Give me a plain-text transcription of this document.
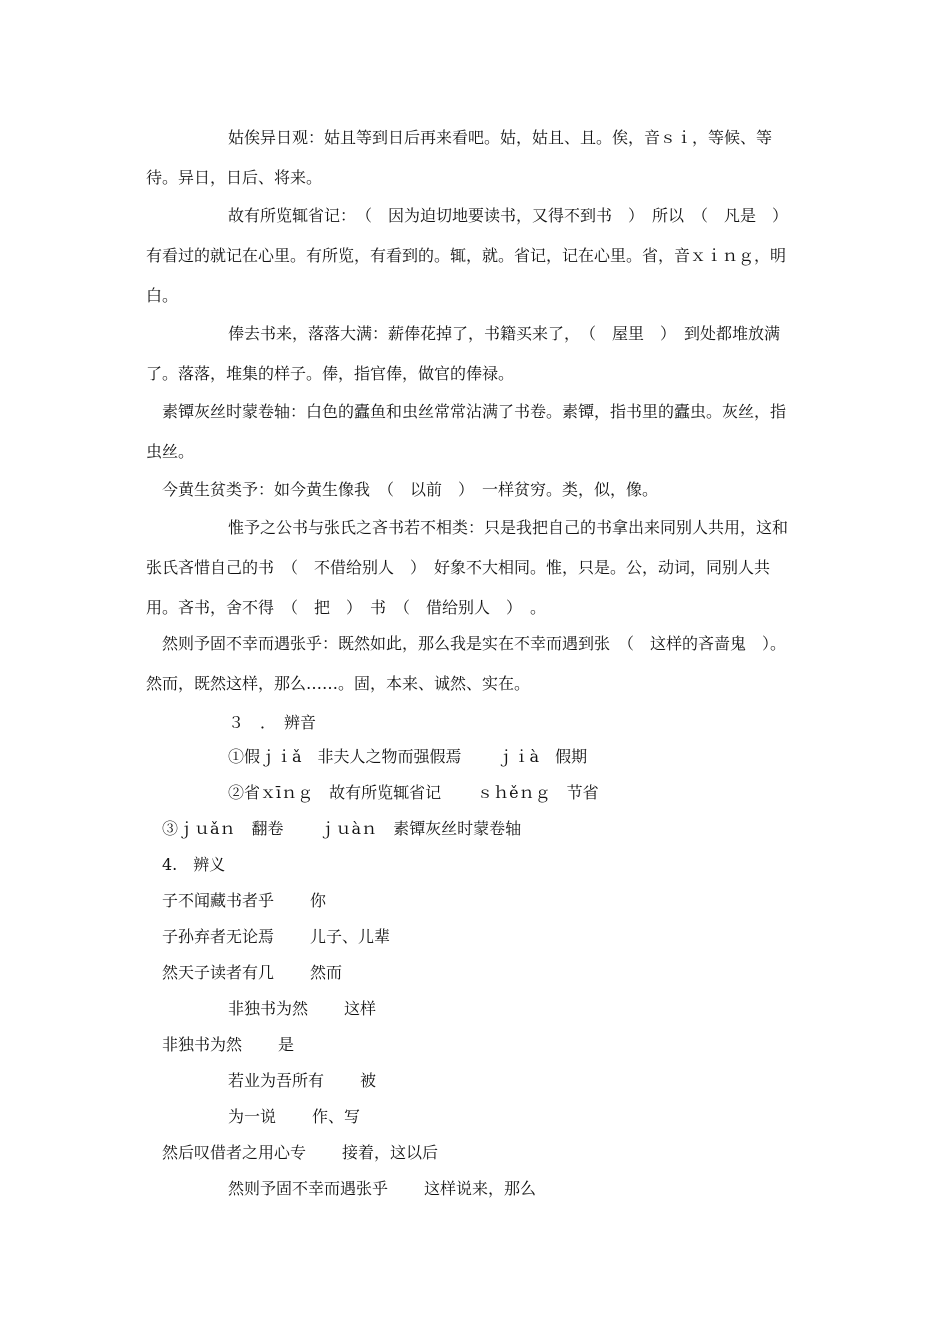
姑俟异日观：姑且等到日后再来看吧。姑，姑且、且。俟，音ｓｉ，等候、等待。异日，日后、将来。
故有所览辄省记：　（　因为迫切地要读书，又得不到书　）　所以　（　凡是　）　有看过的就记在心里。有所览，有看到的。辄，就。省记，记在心里。省，音ｘｉｎｇ，明白。
俸去书来，落落大满：薪俸花掉了，书籍买来了，　（　屋里　）　到处都堆放满了。落落，堆集的样子。俸，指官俸，做官的俸禄。
素镡灰丝时蒙卷轴：白色的蠹鱼和虫丝常常沾满了书卷。素镡，指书里的蠹虫。灰丝，指虫丝。
今黄生贫类予：如今黄生像我　（　以前　）　一样贫穷。类，似，像。
惟予之公书与张氏之吝书若不相类：只是我把自己的书拿出来同别人共用，这和张氏吝惜自己的书　（　不借给别人　）　好象不大相同。惟，只是。公，动词，同别人共用。吝书，舍不得　（　把　）　书　（　借给别人　）　。
然则予固不幸而遇张乎：既然如此，那么我是实在不幸而遇到张　（　这样的吝啬鬼　）。然而，既然这样，那么……。固，本来、诚然、实在。
３　．　辨音
①假ｊｉǎ　非夫人之物而强假焉 ｊｉà　假期
②省ｘīｎｇ　故有所览辄省记 ｓｈěｎｇ　节省
③ｊｕǎｎ　翻卷 ｊｕàｎ　素镡灰丝时蒙卷轴
4.　辨义
子不闻藏书者乎 你
子孙弃者无论焉 儿子、儿辈
然天子读者有几 然而
非独书为然 这样
非独书为然 是
若业为吾所有 被
为一说 作、写
然后叹借者之用心专 接着，这以后
然则予固不幸而遇张乎 这样说来，那么
